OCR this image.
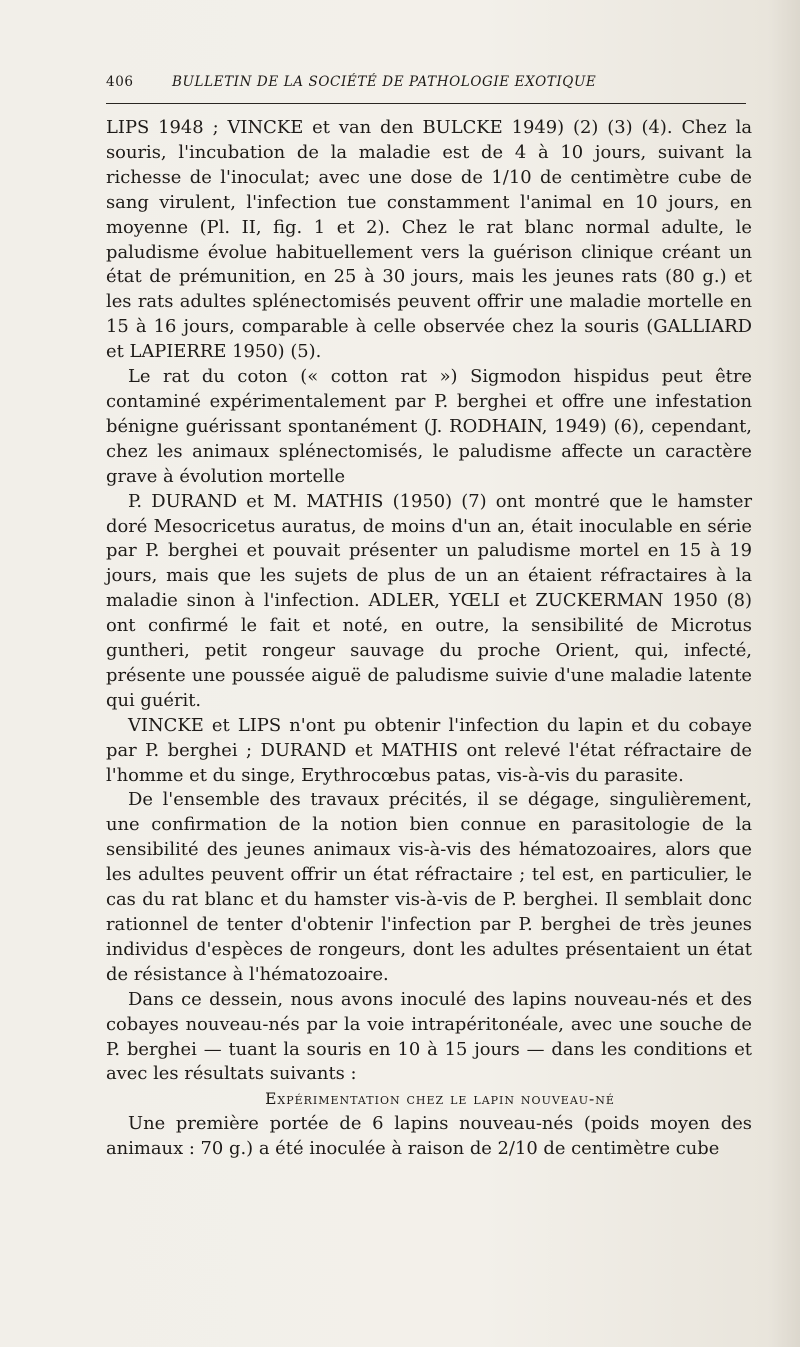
406	BULLETIN DE LA SOCIÉTÉ DE PATHOLOGIE EXOTIQUE

LIPS 1948 ; VINCKE et van den BULCKE 1949) (2) (3) (4). Chez la souris, l'incubation de la maladie est de 4 à 10 jours, suivant la richesse de l'inoculat; avec une dose de 1/10 de centimètre cube de sang virulent, l'infection tue constamment l'animal en 10 jours, en moyenne (Pl. II, fig. 1 et 2). Chez le rat blanc normal adulte, le paludisme évolue habituellement vers la guérison clinique créant un état de prémunition, en 25 à 30 jours, mais les jeunes rats (80 g.) et les rats adultes splénectomisés peuvent offrir une maladie mortelle en 15 à 16 jours, comparable à celle observée chez la souris (GALLIARD et LAPIERRE 1950) (5).

Le rat du coton (« cotton rat ») Sigmodon hispidus peut être contaminé expérimentalement par P. berghei et offre une infestation bénigne guérissant spontanément (J. RODHAIN, 1949) (6), cependant, chez les animaux splénectomisés, le paludisme affecte un caractère grave à évolution mortelle

P. DURAND et M. MATHIS (1950) (7) ont montré que le hamster doré Mesocricetus auratus, de moins d'un an, était inoculable en série par P. berghei et pouvait présenter un paludisme mortel en 15 à 19 jours, mais que les sujets de plus de un an étaient réfractaires à la maladie sinon à l'infection. ADLER, YŒLI et ZUCKERMAN 1950 (8) ont confirmé le fait et noté, en outre, la sensibilité de Microtus guntheri, petit rongeur sauvage du proche Orient, qui, infecté, présente une poussée aiguë de paludisme suivie d'une maladie latente qui guérit.

VINCKE et LIPS n'ont pu obtenir l'infection du lapin et du cobaye par P. berghei ; DURAND et MATHIS ont relevé l'état réfractaire de l'homme et du singe, Erythrocœbus patas, vis-à-vis du parasite.

De l'ensemble des travaux précités, il se dégage, singulièrement, une confirmation de la notion bien connue en parasitologie de la sensibilité des jeunes animaux vis-à-vis des hématozoaires, alors que les adultes peuvent offrir un état réfractaire ; tel est, en particulier, le cas du rat blanc et du hamster vis-à-vis de P. berghei. Il semblait donc rationnel de tenter d'obtenir l'infection par P. berghei de très jeunes individus d'espèces de rongeurs, dont les adultes présentaient un état de résistance à l'hématozoaire.

Dans ce dessein, nous avons inoculé des lapins nouveau-nés et des cobayes nouveau-nés par la voie intrapéritonéale, avec une souche de P. berghei — tuant la souris en 10 à 15 jours — dans les conditions et avec les résultats suivants :

Expérimentation chez le lapin nouveau-né

Une première portée de 6 lapins nouveau-nés (poids moyen des animaux : 70 g.) a été inoculée à raison de 2/10 de centimètre cube
